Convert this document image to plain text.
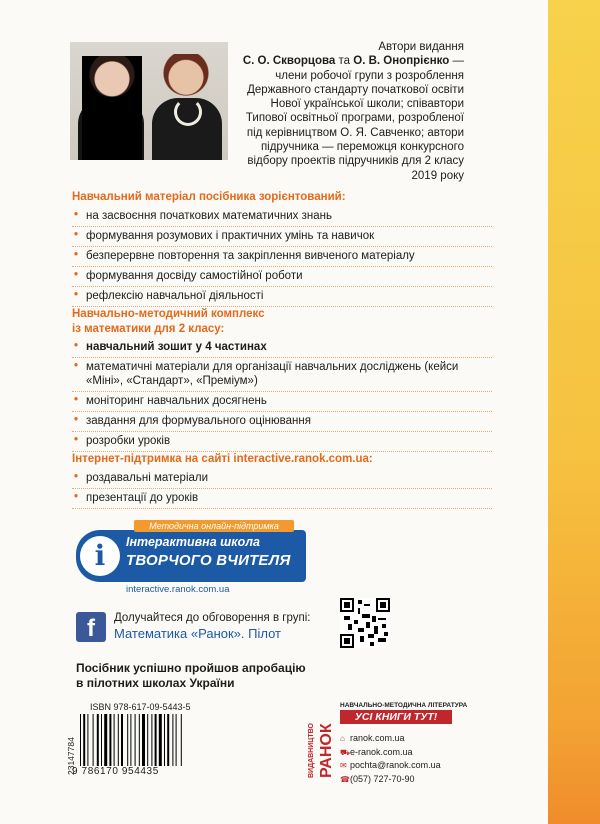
Автори видання
С. О. Скворцова та О. В. Онопрієнко —
члени робочої групи з розроблення
Державного стандарту початкової освіти
Нової української школи; співавтори
Типової освітньої програми, розробленої
під керівництвом О. Я. Савченко; автори
підручника — переможця конкурсного
відбору проектів підручників для 2 класу
2019 року
Навчальний матеріал посібника зорієнтований:
• на засвоєння початкових математичних знань
• формування розумових і практичних умінь та навичок
• безперервне повторення та закріплення вивченого матеріалу
• формування досвіду самостійної роботи
• рефлексію навчальної діяльності
Навчально-методичний комплекс
із математики для 2 класу:
• навчальний зошит у 4 частинах
• математичні матеріали для організації навчальних досліджень (кейси «Міні», «Стандарт», «Преміум»)
• моніторинг навчальних досягнень
• завдання для формувального оцінювання
• розробки уроків
Інтернет-підтримка на сайті interactive.ranok.com.ua:
• роздавальні матеріали
• презентації до уроків
і	Інтерактивна школа
ТВОРЧОГО ВЧИТЕЛЯ
Методична онлайн-підтримка
interactive.ranok.com.ua
f	Долучайтеся до обговорення в групі:
Математика «Ранок». Пілот
Посібник успішно пройшов апробацію
в пілотних школах України
ISBN 978-617-09-5443-5
9 786170 954435
23147784	ВИДАВНИЦТВО РАНОК
НАВЧАЛЬНО-МЕТОДИЧНА ЛІТЕРАТУРА
УСІ КНИГИ ТУТ!
⌂ ranok.com.ua
⛟e-ranok.com.ua
✉ pochta@ranok.com.ua
☎(057) 727-70-90
